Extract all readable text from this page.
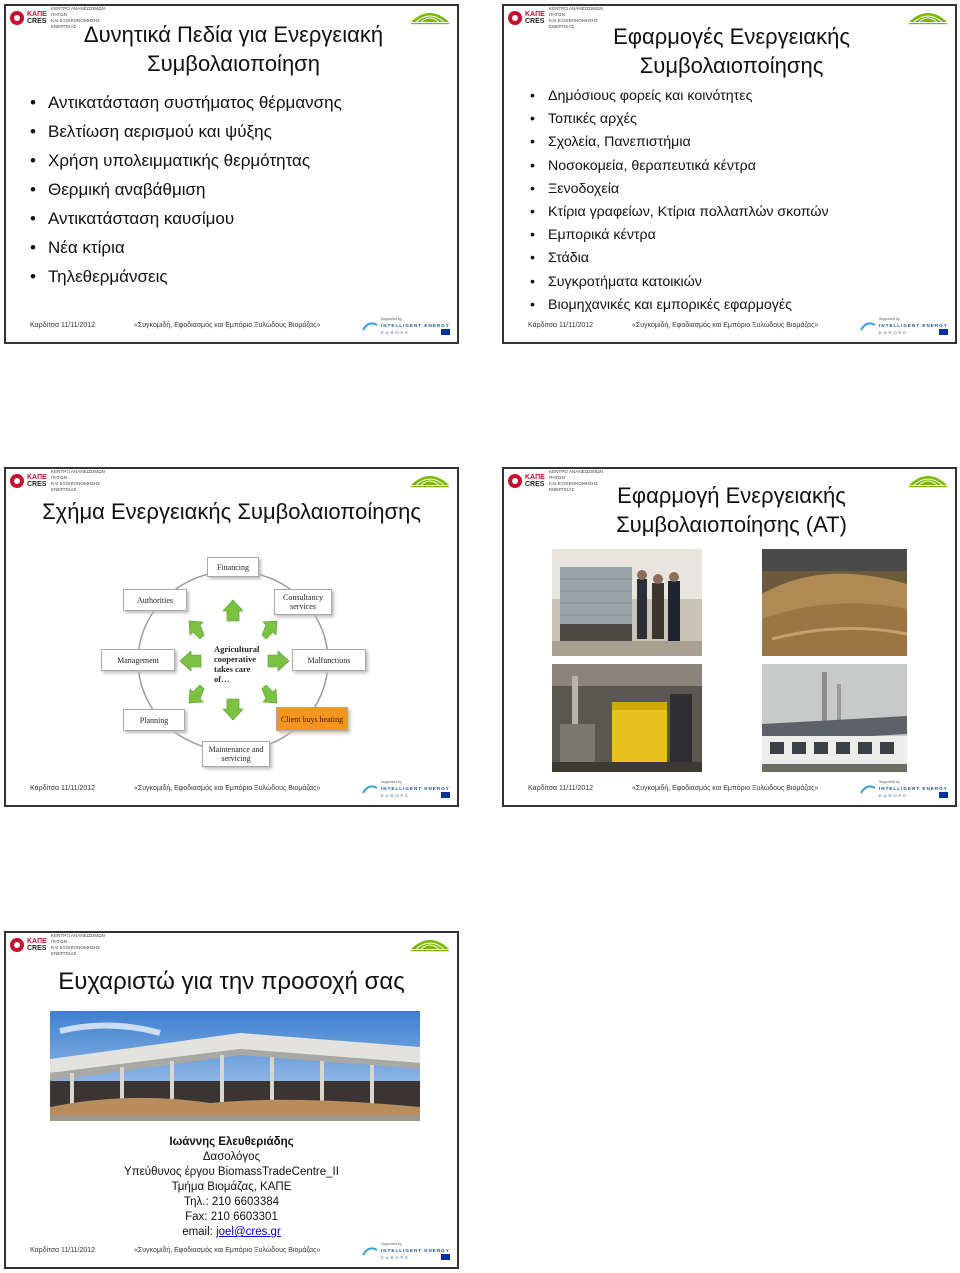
ΚΑΠΕ
CRES
ΚΕΝΤΡΟ ΑΝΑΝΕΩΣΙΜΩΝ ΠΗΓΩΝ
ΚΑΙ ΕΞΟΙΚΟΝΟΜΗΣΗΣ ΕΝΕΡΓΕΙΑΣ Δυνητικά Πεδία για Ενεργειακή Συμβολαιοποίηση
• Αντικατάσταση συστήματος θέρμανσης
• Βελτίωση αερισμού και ψύξης
• Χρήση υπολειμματικής θερμότητας
• Θερμική αναβάθμιση
• Αντικατάσταση καυσίμου
• Νέα κτίρια
• Τηλεθερμάνσεις
Καρδίτσα 11/11/2012	«Συγκομιδή, Εφοδιασμός και Εμπόριο Ξυλώδους Βιομάζας»
Supported by
INTELLIGENT ENERGY
EUROPE
ΚΑΠΕ
CRES
ΚΕΝΤΡΟ ΑΝΑΝΕΩΣΙΜΩΝ ΠΗΓΩΝ
ΚΑΙ ΕΞΟΙΚΟΝΟΜΗΣΗΣ ΕΝΕΡΓΕΙΑΣ	Εφαρμογές Ενεργειακής Συμβολαιοποίησης
• Δημόσιους φορείς και κοινότητες
• Τοπικές αρχές
• Σχολεία, Πανεπιστήμια
• Νοσοκομεία, θεραπευτικά κέντρα
• Ξενοδοχεία
• Κτίρια γραφείων, Κτίρια πολλαπλών σκοπών
• Εμπορικά κέντρα
• Στάδια
• Συγκροτήματα κατοικιών
• Βιομηχανικές και εμπορικές εφαρμογές
Καρδίτσα 11/11/2012	«Συγκομιδή, Εφοδιασμός και Εμπόριο Ξυλώδους Βιομάζας»
Supported by
INTELLIGENT ENERGY
EUROPE
ΚΑΠΕ
CRES
ΚΕΝΤΡΟ ΑΝΑΝΕΩΣΙΜΩΝ ΠΗΓΩΝ
ΚΑΙ ΕΞΟΙΚΟΝΟΜΗΣΗΣ ΕΝΕΡΓΕΙΑΣ
Σχήμα Ενεργειακής Συμβολαιοποίησης
Financing
Authorities	Consultancy services
Management	Malfunctions
Planning	Client buys heating
Maintenance and servicing
Agricultural
cooperative
takes care
of…
Καρδίτσα 11/11/2012	«Συγκομιδή, Εφοδιασμός και Εμπόριο Ξυλώδους Βιομάζας»
Supported by
INTELLIGENT ENERGY
EUROPE
ΚΑΠΕ
CRES
ΚΕΝΤΡΟ ΑΝΑΝΕΩΣΙΜΩΝ ΠΗΓΩΝ
ΚΑΙ ΕΞΟΙΚΟΝΟΜΗΣΗΣ ΕΝΕΡΓΕΙΑΣ	Εφαρμογή Ενεργειακής Συμβολαιοποίησης (ΑΤ)
Καρδίτσα 11/11/2012	«Συγκομιδή, Εφοδιασμός και Εμπόριο Ξυλώδους Βιομάζας»
Supported by
INTELLIGENT ENERGY
EUROPE
ΚΑΠΕ
CRES
ΚΕΝΤΡΟ ΑΝΑΝΕΩΣΙΜΩΝ ΠΗΓΩΝ
ΚΑΙ ΕΞΟΙΚΟΝΟΜΗΣΗΣ ΕΝΕΡΓΕΙΑΣ
Ευχαριστώ για την προσοχή σας
Ιωάννης Ελευθεριάδης
Δασολόγος
Υπεύθυνος έργου BiomassTradeCentre_II
Τμήμα Βιομάζας, ΚΑΠΕ
Τηλ.: 210 6603384
Fax: 210 6603301
email: joel@cres.gr
Καρδίτσα 11/11/2012	«Συγκομιδή, Εφοδιασμός και Εμπόριο Ξυλώδους Βιομάζας»
Supported by
INTELLIGENT ENERGY
EUROPE
